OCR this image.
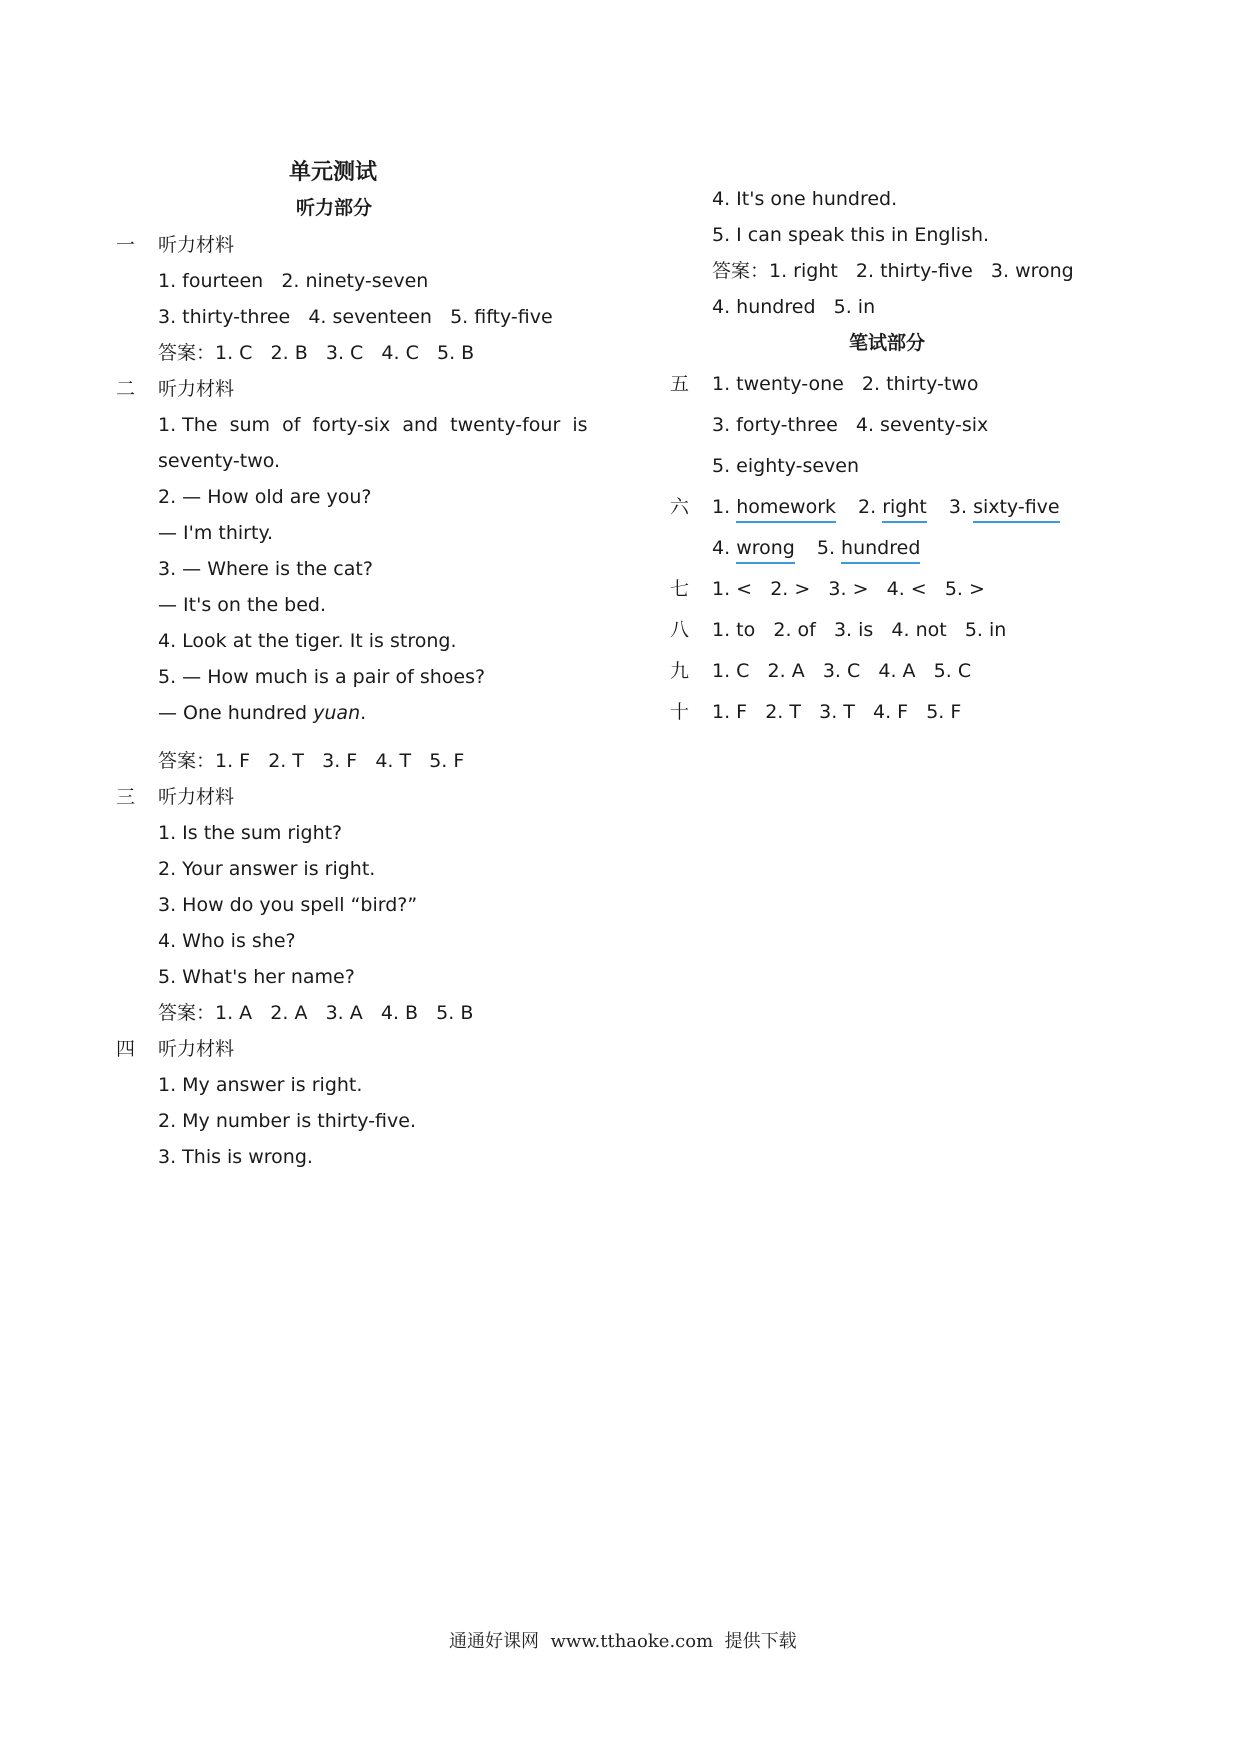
单元测试
听力部分
一 听力材料
1. fourteen   2. ninety-seven
3. thirty-three   4. seventeen   5. fifty-five
答案：1. C   2. B   3. C   4. C   5. B
二 听力材料
1. The  sum  of  forty-six  and  twenty-four  is
seventy-two.
2. — How old are you?
— I'm thirty.
3. — Where is the cat?
— It's on the bed.
4. Look at the tiger. It is strong.
5. — How much is a pair of shoes?
— One hundred yuan.
答案：1. F   2. T   3. F   4. T   5. F
三 听力材料
1. Is the sum right?
2. Your answer is right.
3. How do you spell “bird?”
4. Who is she?
5. What's her name?
答案：1. A   2. A   3. A   4. B   5. B
四 听力材料
1. My answer is right.
2. My number is thirty-five.
3. This is wrong.
4. It's one hundred.
5. I can speak this in English.
答案：1. right   2. thirty-five   3. wrong
4. hundred   5. in
笔试部分
五 1. twenty-one   2. thirty-two
3. forty-three   4. seventy-six
5. eighty-seven
六 1. homework 2. right 3. sixty-five
4. wrong 5. hundred
七 1. <   2. >   3. >   4. <   5. >
八 1. to   2. of   3. is   4. not   5. in
九 1. C   2. A   3. C   4. A   5. C
十 1. F   2. T   3. T   4. F   5. F
通通好课网  www.tthaoke.com  提供下载
